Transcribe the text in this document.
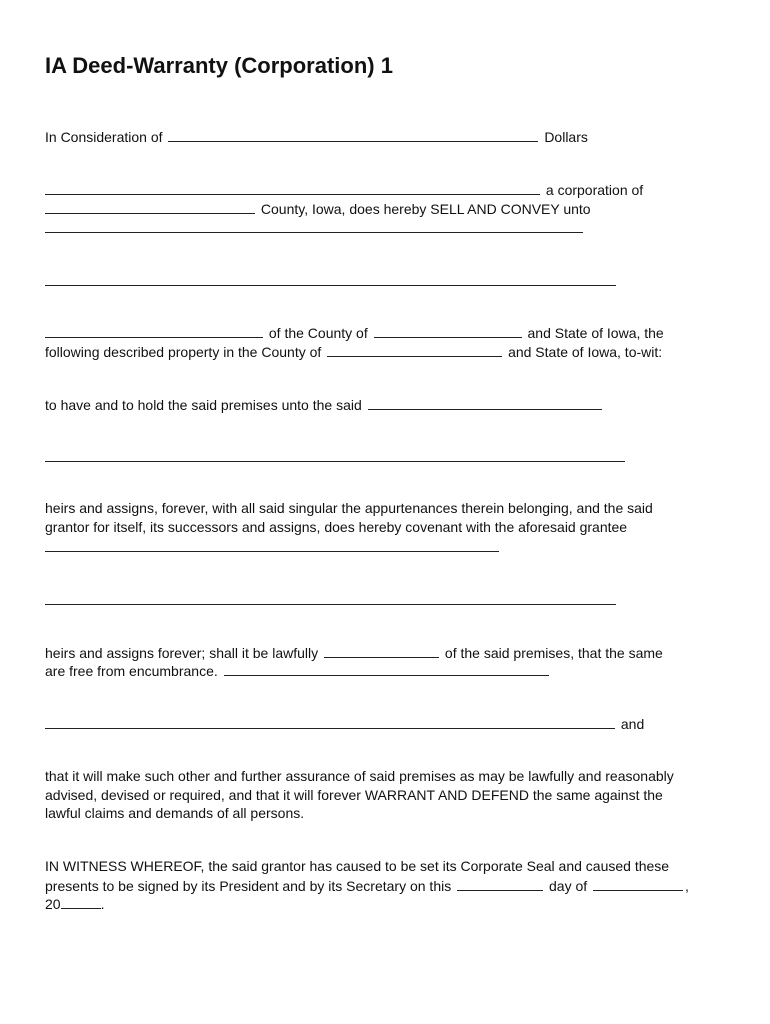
IA Deed-Warranty (Corporation) 1
In Consideration of	Dollars
a corporation of
County, Iowa, does hereby SELL AND CONVEY unto
of the County of	and State of Iowa, the
following described property in the County of	and State of Iowa, to-wit:
to have and to hold the said premises unto the said
heirs and assigns, forever, with all said singular the appurtenances therein belonging, and the said
grantor for itself, its successors and assigns, does hereby covenant with the aforesaid grantee
heirs and assigns forever; shall it be lawfully	of the said premises, that the same
are free from encumbrance.
and
that it will make such other and further assurance of said premises as may be lawfully and reasonably
advised, devised or required, and that it will forever WARRANT AND DEFEND the same against the
lawful claims and demands of all persons.
IN WITNESS WHEREOF, the said grantor has caused to be set its Corporate Seal and caused these
presents to be signed by its President and by its Secretary on this	day of	,
20	.
